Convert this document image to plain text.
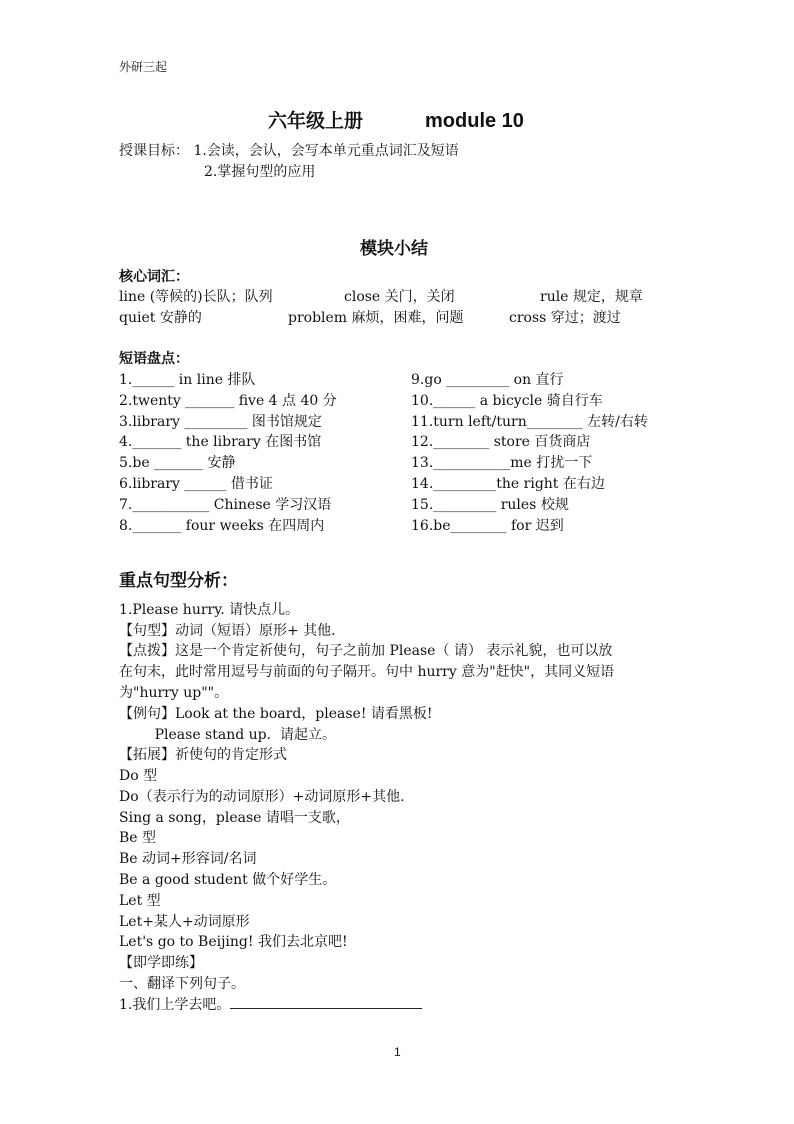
外研三起
六年级上册	module 10
授课目标： 1.会读，会认，会写本单元重点词汇及短语
2.掌握句型的应用
模块小结
核心词汇：
line (等候的)长队；队列	close 关门，关闭	rule 规定，规章
quiet 安静的	problem 麻烦，困难，问题	cross 穿过；渡过
短语盘点：
1.______ in line 排队
2.twenty _______ five 4 点 40 分
3.library _________ 图书馆规定
4._______ the library 在图书馆
5.be _______ 安静
6.library ______ 借书证
7.___________ Chinese 学习汉语
8._______ four weeks 在四周内
9.go _________ on 直行
10.______ a bicycle 骑自行车
11.turn left/turn________ 左转/右转
12.________ store 百货商店
13.___________me 打扰一下
14._________the right 在右边
15._________ rules 校规
16.be________ for 迟到
重点句型分析：
1.Please hurry. 请快点儿。
【句型】动词（短语）原形+ 其他.
【点拨】这是一个肯定祈使句，句子之前加 Please（ 请） 表示礼貌，也可以放
在句末，此时常用逗号与前面的句子隔开。句中 hurry 意为"赶快"，其同义短语
为"hurry up""。
【例句】Look at the board，please! 请看黑板!
Please stand up.  请起立。
【拓展】祈使句的肯定形式
Do 型
Do（表示行为的动词原形）+动词原形+其他.
Sing a song，please 请唱一支歌，
Be 型
Be 动词+形容词/名词
Be a good student 做个好学生。
Let 型
Let+某人+动词原形
Let's go to Beijing! 我们去北京吧!
【即学即练】
一、翻译下列句子。
1.我们上学去吧。
1
